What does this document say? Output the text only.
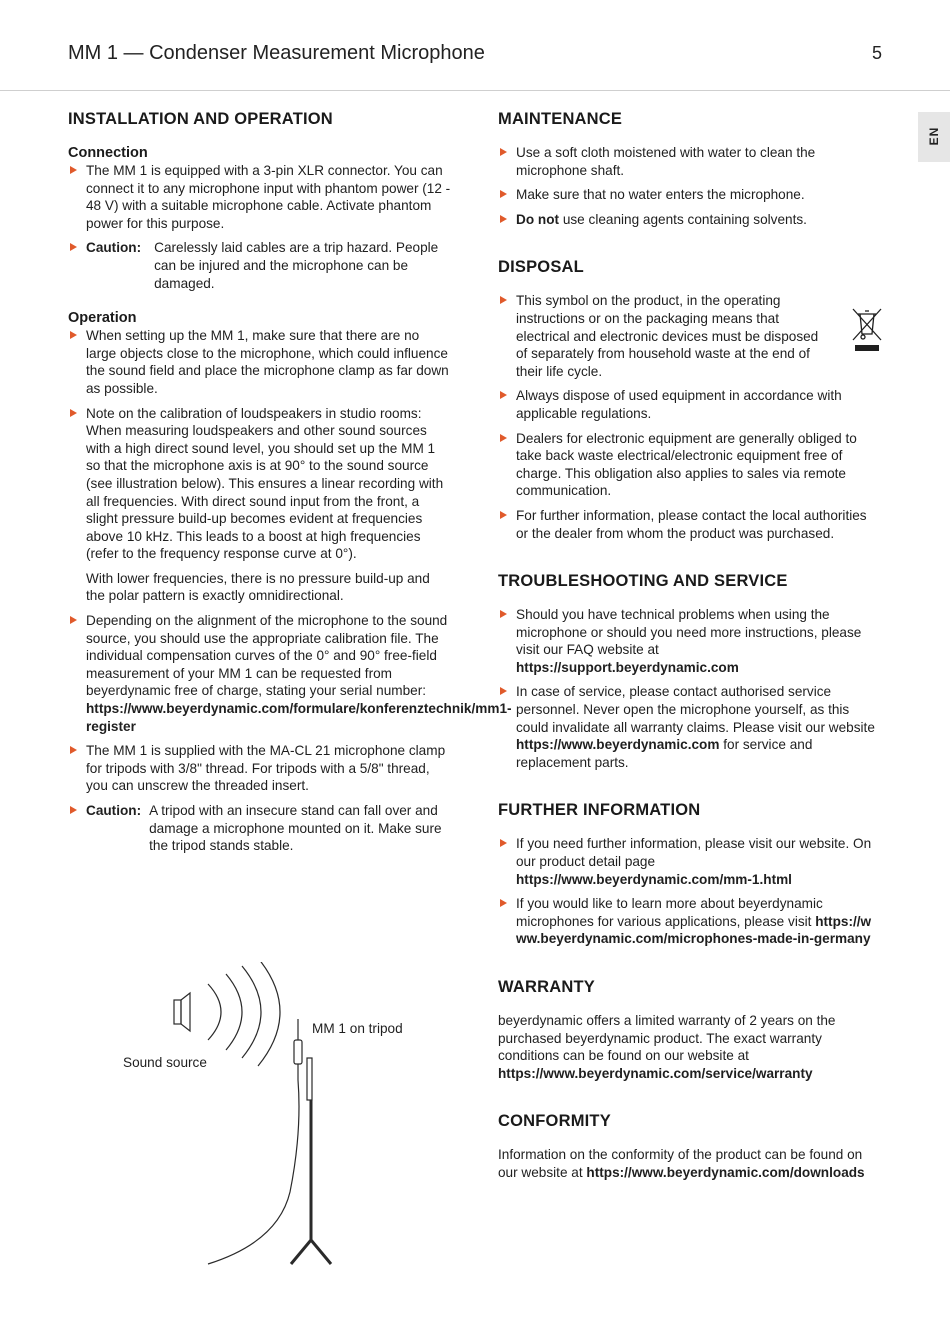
MM 1 — Condenser Measurement Microphone	5
EN
INSTALLATION AND OPERATION
Connection
The MM 1 is equipped with a 3-pin XLR connector. You can connect it to any microphone input with phantom power (12 - 48 V) with a suitable microphone cable. Activate phantom power for this purpose.
Caution: Carelessly laid cables are a trip hazard. People can be injured and the microphone can be damaged.
Operation
When setting up the MM 1, make sure that there are no large objects close to the microphone, which could influence the sound field and place the microphone clamp as far down as possible.

Note on the calibration of loudspeakers in studio rooms:

When measuring loudspeakers and other sound sources with a high direct sound level, you should set up the MM 1 so that the microphone axis is at 90° to the sound source (see illustration below). This ensures a linear recording with all frequencies. With direct sound input from the front, a slight pressure build-up becomes evident at frequencies above 10 kHz. This leads to a boost at high frequencies (refer to the frequency response curve at 0°).

With lower frequencies, there is no pressure build-up and the polar pattern is exactly omnidirectional.

Depending on the alignment of the microphone to the sound source, you should use the appropriate calibration file. The individual compensation curves of the 0° and 90° free-field measurement of your MM 1 can be requested from beyerdynamic free of charge, stating your serial number: https://www.beyerdynamic.com/formulare/konferenztechnik/mm1-register
The MM 1 is supplied with the MA-CL 21 microphone clamp for tripods with 3/8" thread. For tripods with a 5/8" thread, you can unscrew the threaded insert.
Caution: A tripod with an insecure stand can fall over and damage a microphone mounted on it. Make sure the tripod stands stable.
MM 1 on tripod
Sound source
MAINTENANCE
Use a soft cloth moistened with water to clean the microphone shaft.
Make sure that no water enters the microphone.
Do not use cleaning agents containing solvents.
DISPOSAL
This symbol on the product, in the operating instructions or on the packaging means that electrical and electronic devices must be disposed of separately from household waste at the end of their life cycle.
Always dispose of used equipment in accordance with applicable regulations.
Dealers for electronic equipment are generally obliged to take back waste electrical/electronic equipment free of charge. This obligation also applies to sales via remote communication.
For further information, please contact the local authorities or the dealer from whom the product was purchased.
TROUBLESHOOTING AND SERVICE
Should you have technical problems when using the microphone or should you need more instructions, please visit our FAQ website at https://support.beyerdynamic.com
In case of service, please contact authorised service personnel. Never open the microphone yourself, as this could invalidate all warranty claims. Please visit our website https://www.beyerdynamic.com for service and replacement parts.
FURTHER INFORMATION
If you need further information, please visit our website. On our product detail page https://www.beyerdynamic.com/mm-1.html
If you would like to learn more about beyerdynamic microphones for various applications, please visit https://www.beyerdynamic.com/microphones-made-in-germany
WARRANTY

beyerdynamic offers a limited warranty of 2 years on the purchased beyerdynamic product. The exact warranty conditions can be found on our website at https://www.beyerdynamic.com/service/warranty

CONFORMITY

Information on the conformity of the product can be found on our website at https://www.beyerdynamic.com/downloads
